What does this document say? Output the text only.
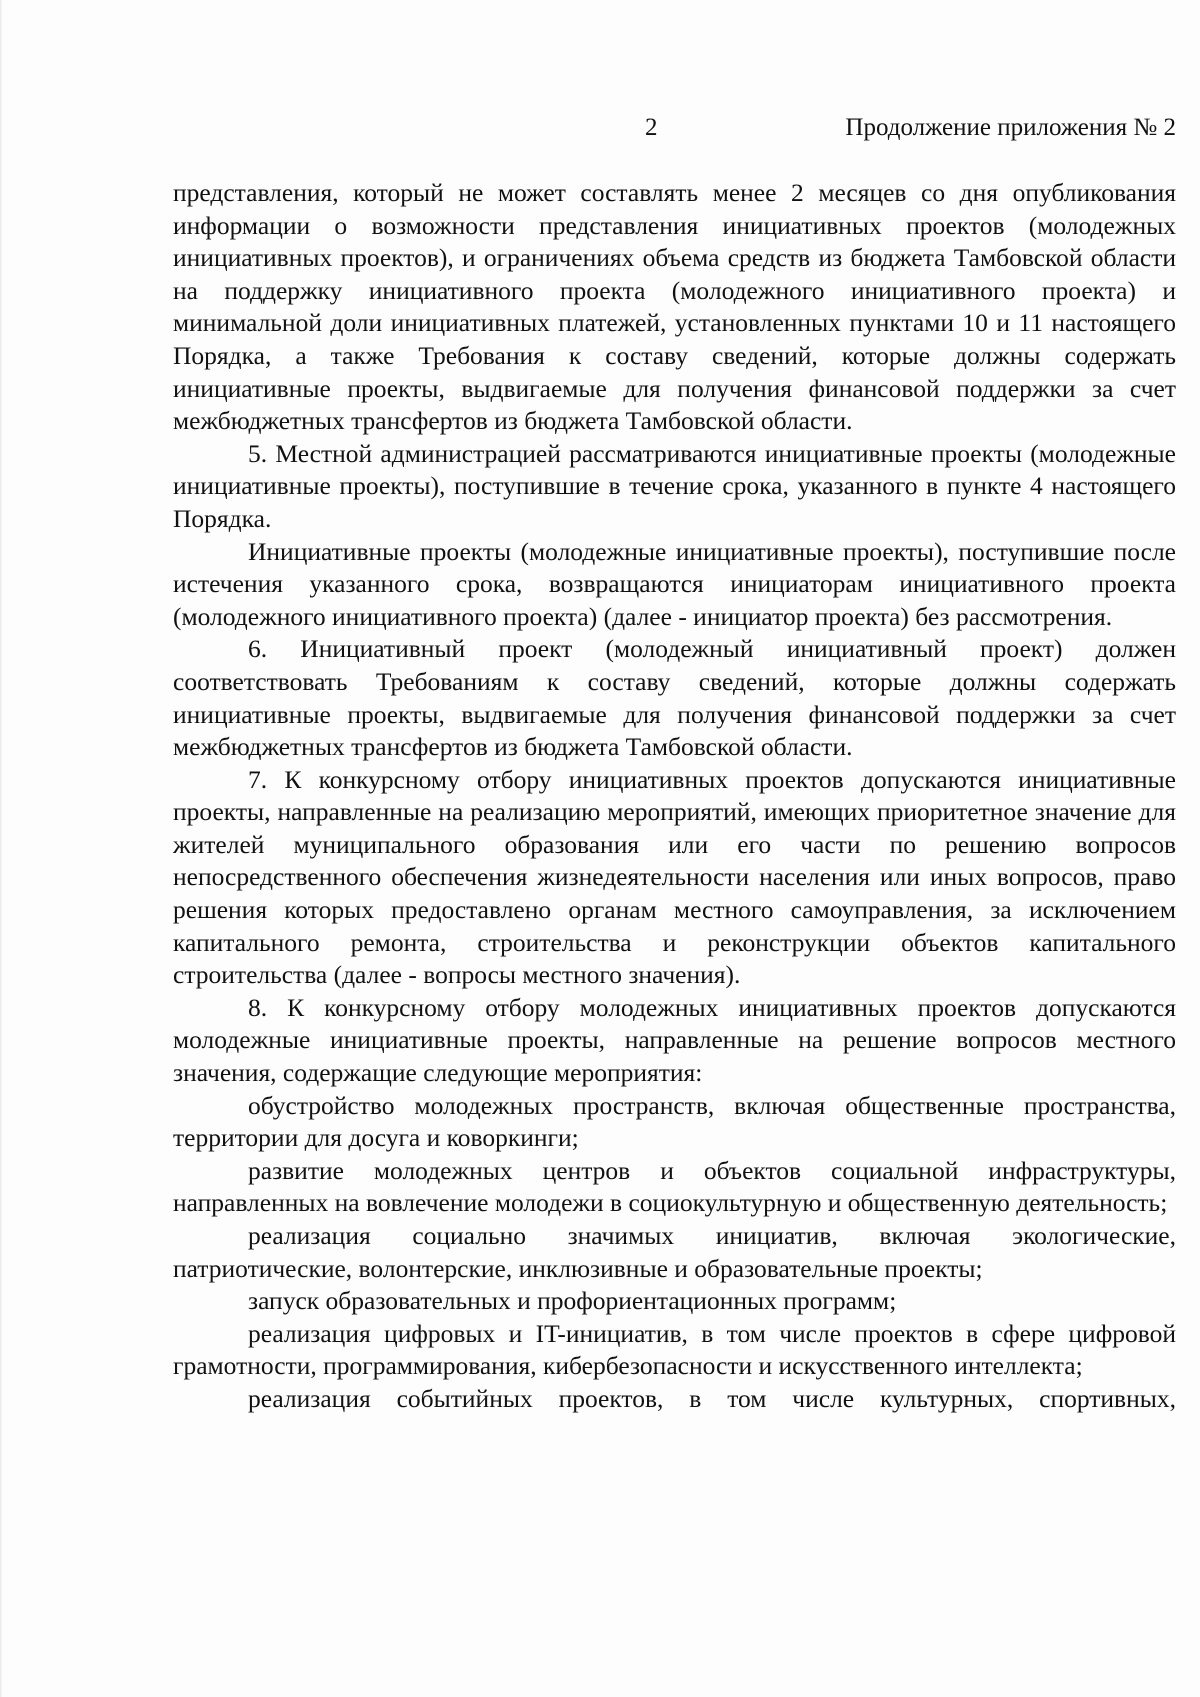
2	Продолжение приложения № 2

представления, который не может составлять менее 2 месяцев со дня опубликования информации о возможности представления инициативных проектов (молодежных инициативных проектов), и ограничениях объема средств из бюджета Тамбовской области на поддержку инициативного проекта (молодежного инициативного проекта) и минимальной доли инициативных платежей, установленных пунктами 10 и 11 настоящего Порядка, а также Требования к составу сведений, которые должны содержать инициативные проекты, выдвигаемые для получения финансовой поддержки за счет межбюджетных трансфертов из бюджета Тамбовской области.

5. Местной администрацией рассматриваются инициативные проекты (молодежные инициативные проекты), поступившие в течение срока, указанного в пункте 4 настоящего Порядка.

Инициативные проекты (молодежные инициативные проекты), поступившие после истечения указанного срока, возвращаются инициаторам инициативного проекта (молодежного инициативного проекта) (далее - инициатор проекта) без рассмотрения.

6. Инициативный проект (молодежный инициативный проект) должен соответствовать Требованиям к составу сведений, которые должны содержать инициативные проекты, выдвигаемые для получения финансовой поддержки за счет межбюджетных трансфертов из бюджета Тамбовской области.

7. К конкурсному отбору инициативных проектов допускаются инициативные проекты, направленные на реализацию мероприятий, имеющих приоритетное значение для жителей муниципального образования или его части по решению вопросов непосредственного обеспечения жизнедеятельности населения или иных вопросов, право решения которых предоставлено органам местного самоуправления, за исключением капитального ремонта, строительства и реконструкции объектов капитального строительства (далее - вопросы местного значения).

8. К конкурсному отбору молодежных инициативных проектов допускаются молодежные инициативные проекты, направленные на решение вопросов местного значения, содержащие следующие мероприятия:

обустройство молодежных пространств, включая общественные пространства, территории для досуга и коворкинги;

развитие молодежных центров и объектов социальной инфраструктуры, направленных на вовлечение молодежи в социокультурную и общественную деятельность;

реализация социально значимых инициатив, включая экологические, патриотические, волонтерские, инклюзивные и образовательные проекты;

запуск образовательных и профориентационных программ;

реализация цифровых и IT-инициатив, в том числе проектов в сфере цифровой грамотности, программирования, кибербезопасности и искусственного интеллекта;

реализация событийных проектов, в том числе культурных, спортивных,
